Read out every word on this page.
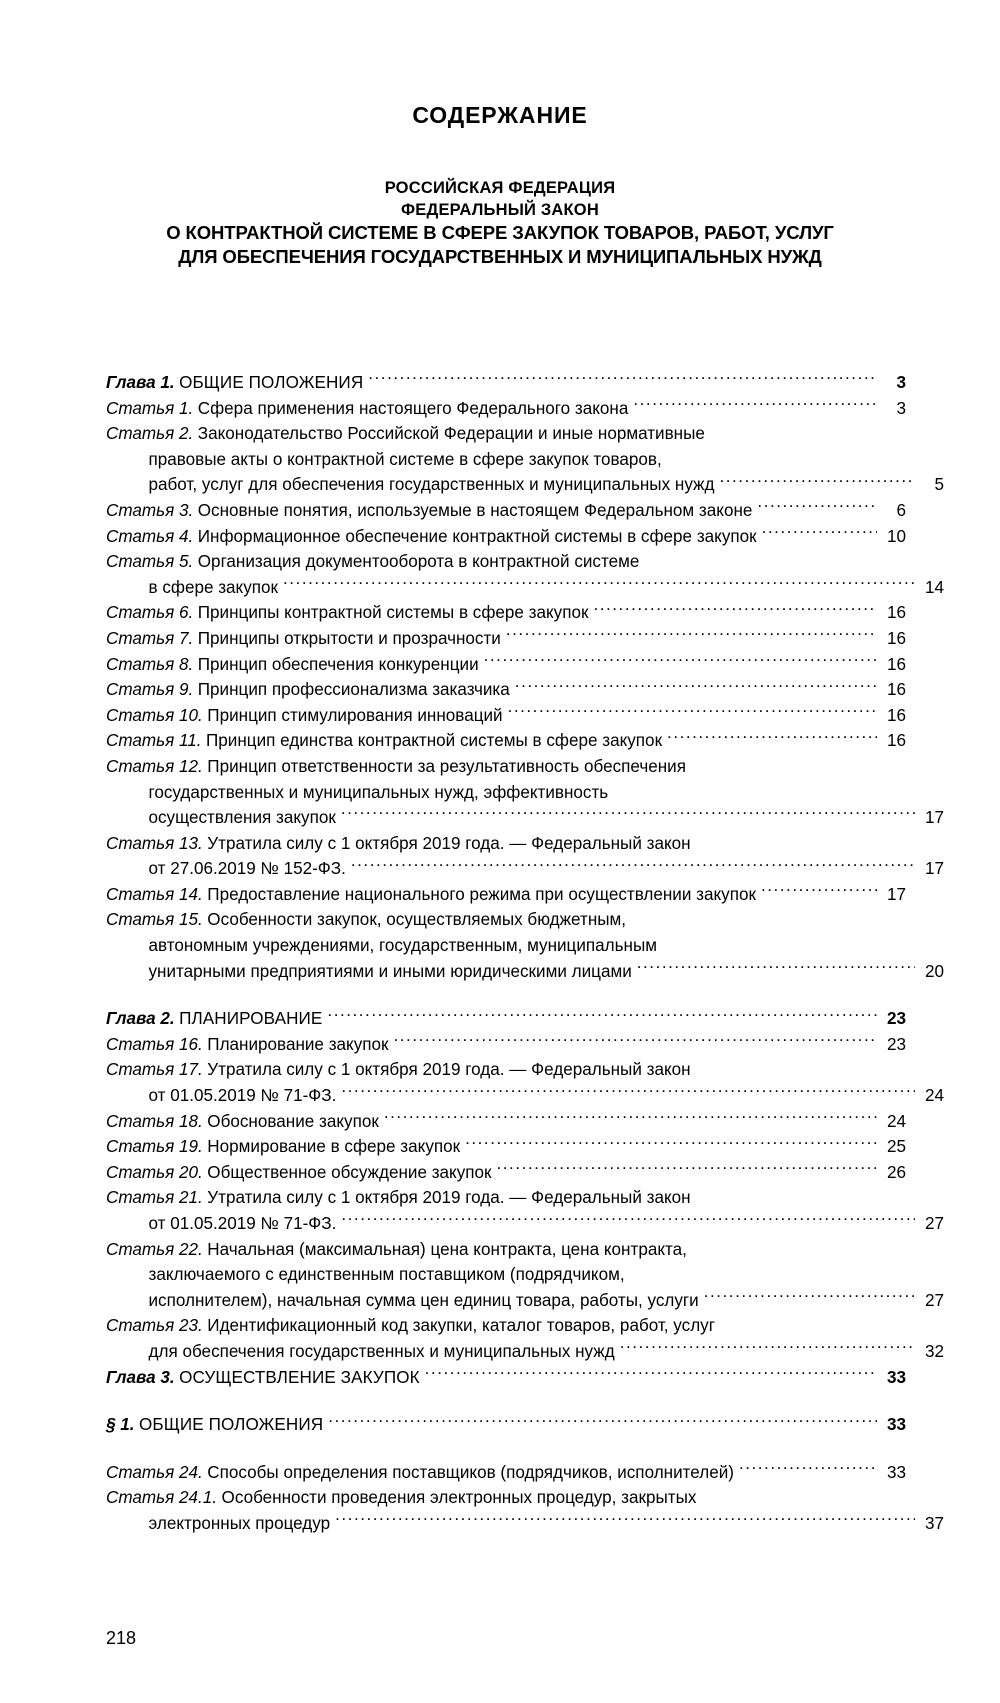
СОДЕРЖАНИЕ
РОССИЙСКАЯ ФЕДЕРАЦИЯ
ФЕДЕРАЛЬНЫЙ ЗАКОН
О КОНТРАКТНОЙ СИСТЕМЕ В СФЕРЕ ЗАКУПОК ТОВАРОВ, РАБОТ, УСЛУГ
ДЛЯ ОБЕСПЕЧЕНИЯ ГОСУДАРСТВЕННЫХ И МУНИЦИПАЛЬНЫХ НУЖД
Глава 1. ОБЩИЕ ПОЛОЖЕНИЯ .....	3
Статья 1. Сфера применения настоящего Федерального закона .....	3
Статья 2. Законодательство Российской Федерации и иные нормативные
правовые акты о контрактной системе в сфере закупок товаров,
работ, услуг для обеспечения государственных и муниципальных нужд .....	5
Статья 3. Основные понятия, используемые в настоящем Федеральном законе .....	6
Статья 4. Информационное обеспечение контрактной системы в сфере закупок .....	10
Статья 5. Организация документооборота в контрактной системе
в сфере закупок .....	14
Статья 6. Принципы контрактной системы в сфере закупок .....	16
Статья 7. Принципы открытости и прозрачности .....	16
Статья 8. Принцип обеспечения конкуренции .....	16
Статья 9. Принцип профессионализма заказчика .....	16
Статья 10. Принцип стимулирования инноваций .....	16
Статья 11. Принцип единства контрактной системы в сфере закупок .....	16
Статья 12. Принцип ответственности за результативность обеспечения
государственных и муниципальных нужд, эффективность
осуществления закупок .....	17
Статья 13. Утратила силу с 1 октября 2019 года. — Федеральный закон
от 27.06.2019 № 152-ФЗ. .....	17
Статья 14. Предоставление национального режима при осуществлении закупок .....	17
Статья 15. Особенности закупок, осуществляемых бюджетным,
автономным учреждениями, государственным, муниципальным
унитарными предприятиями и иными юридическими лицами .....	20
Глава 2. ПЛАНИРОВАНИЕ .....	23
Статья 16. Планирование закупок .....	23
Статья 17. Утратила силу с 1 октября 2019 года. — Федеральный закон
от 01.05.2019 № 71-ФЗ. .....	24
Статья 18. Обоснование закупок .....	24
Статья 19. Нормирование в сфере закупок .....	25
Статья 20. Общественное обсуждение закупок .....	26
Статья 21. Утратила силу с 1 октября 2019 года. — Федеральный закон
от 01.05.2019 № 71-ФЗ. .....	27
Статья 22. Начальная (максимальная) цена контракта, цена контракта,
заключаемого с единственным поставщиком (подрядчиком,
исполнителем), начальная сумма цен единиц товара, работы, услуги .....	27
Статья 23. Идентификационный код закупки, каталог товаров, работ, услуг
для обеспечения государственных и муниципальных нужд .....	32
Глава 3. ОСУЩЕСТВЛЕНИЕ ЗАКУПОК .....	33
§ 1. ОБЩИЕ ПОЛОЖЕНИЯ .....	33
Статья 24. Способы определения поставщиков (подрядчиков, исполнителей) .....	33
Статья 24.1. Особенности проведения электронных процедур, закрытых
электронных процедур .....	37
218
